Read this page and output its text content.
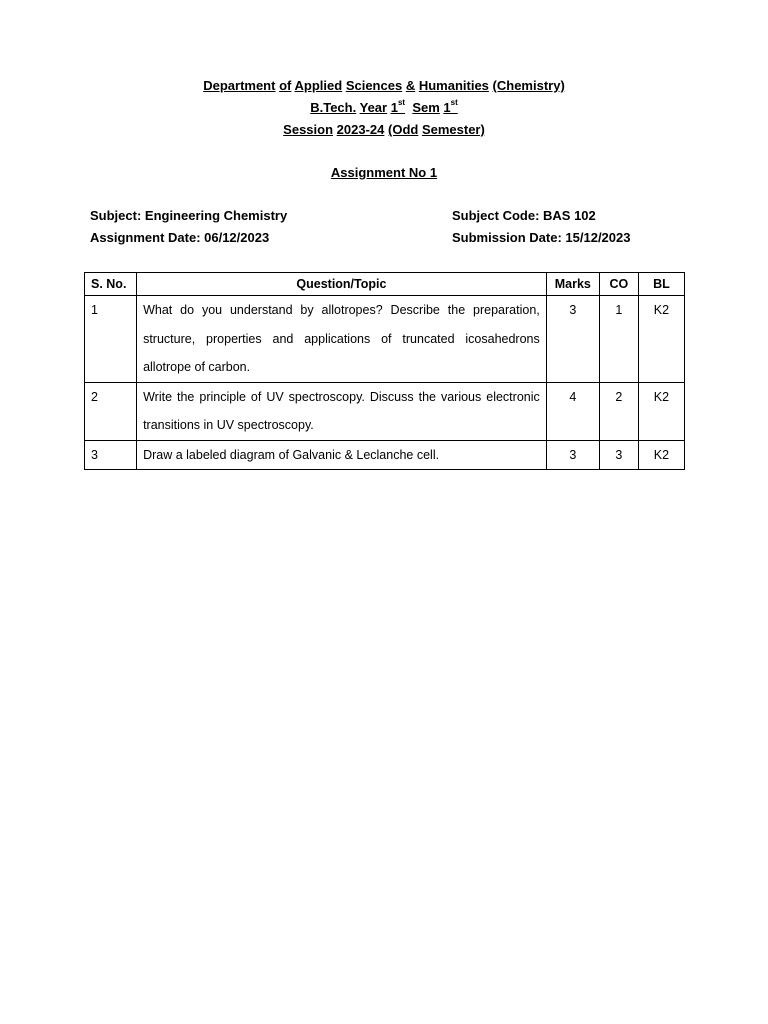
Department of Applied Sciences & Humanities (Chemistry)
B.Tech. Year 1st Sem 1st
Session 2023-24 (Odd Semester)
Assignment No 1
Subject: Engineering Chemistry
Assignment Date: 06/12/2023
Subject Code: BAS 102
Submission Date: 15/12/2023
S. No.	Question/Topic	Marks	CO	BL
1	What do you understand by allotropes? Describe the preparation, structure, properties and applications of truncated icosahedrons allotrope of carbon.	3	1	K2
2	Write the principle of UV spectroscopy. Discuss the various electronic transitions in UV spectroscopy.	4	2	K2
3	Draw a labeled diagram of Galvanic & Leclanche cell.	3	3	K2
